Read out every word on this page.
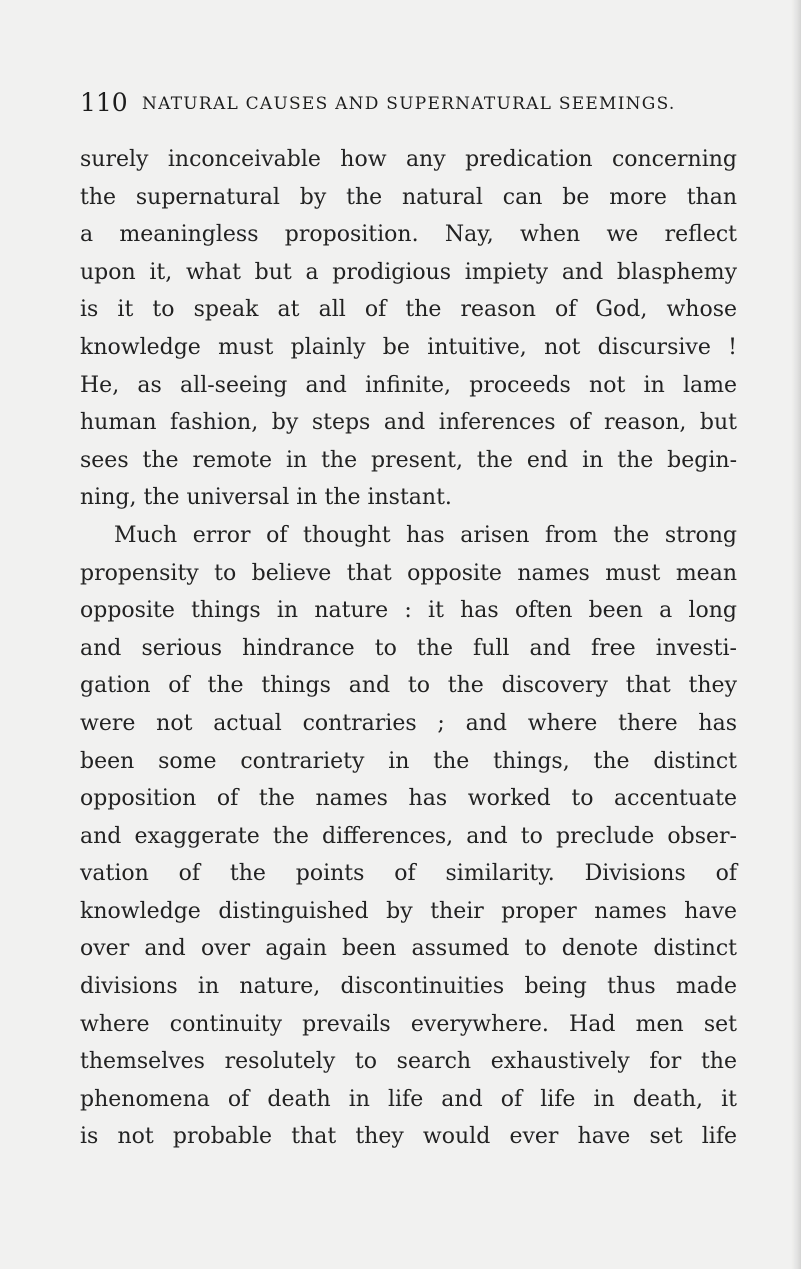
110 NATURAL CAUSES AND SUPERNATURAL SEEMINGS.
surely inconceivable how any predication concerning
the supernatural by the natural can be more than
a meaningless proposition. Nay, when we reflect
upon it, what but a prodigious impiety and blasphemy
is it to speak at all of the reason of God, whose
knowledge must plainly be intuitive, not discursive !
He, as all-seeing and infinite, proceeds not in lame
human fashion, by steps and inferences of reason, but
sees the remote in the present, the end in the begin-
ning, the universal in the instant.
Much error of thought has arisen from the strong
propensity to believe that opposite names must mean
opposite things in nature : it has often been a long
and serious hindrance to the full and free investi-
gation of the things and to the discovery that they
were not actual contraries ; and where there has
been some contrariety in the things, the distinct
opposition of the names has worked to accentuate
and exaggerate the differences, and to preclude obser-
vation of the points of similarity. Divisions of
knowledge distinguished by their proper names have
over and over again been assumed to denote distinct
divisions in nature, discontinuities being thus made
where continuity prevails everywhere. Had men set
themselves resolutely to search exhaustively for the
phenomena of death in life and of life in death, it
is not probable that they would ever have set life
